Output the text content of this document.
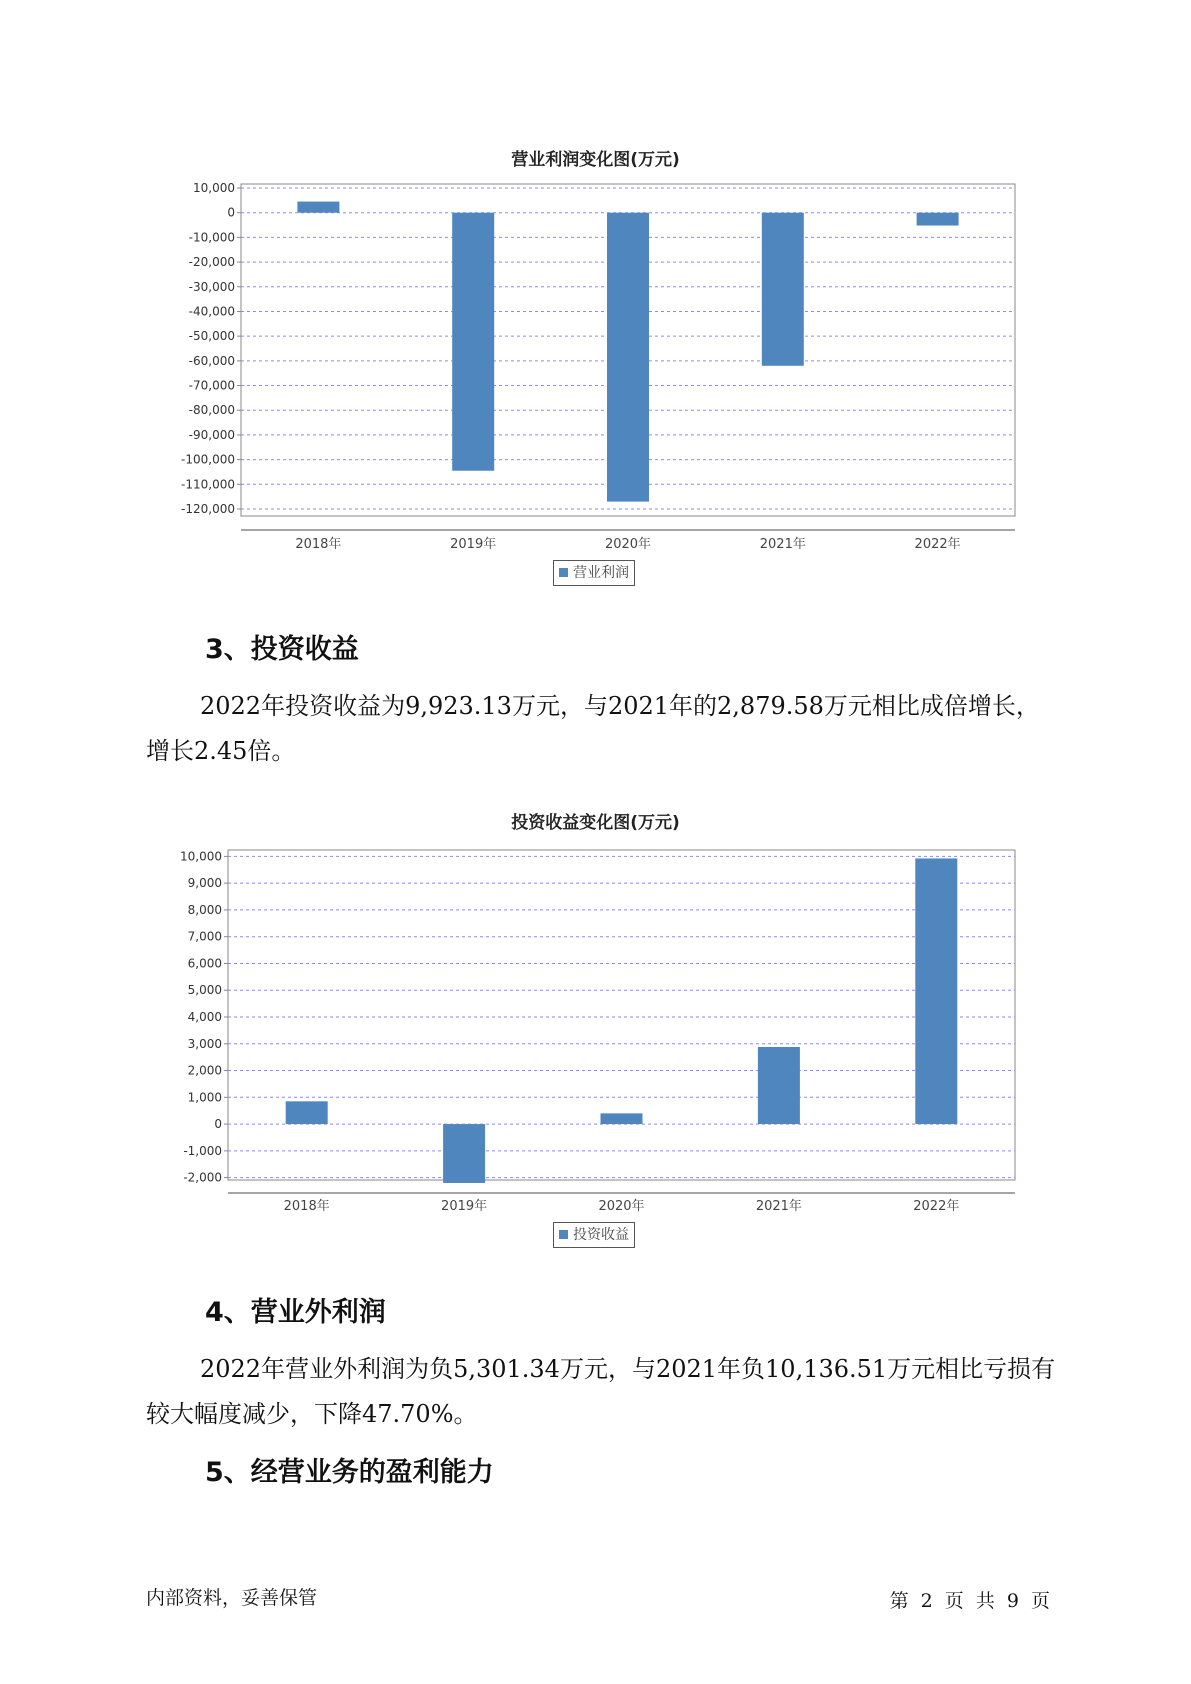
营业利润变化图(万元)
10,000
0
-10,000
-20,000
-30,000
-40,000
-50,000
-60,000
-70,000
-80,000
-90,000
-100,000
-110,000
-120,000
2018年	2019年	2020年	2021年	2022年
营业利润
3、投资收益

2022年投资收益为9,923.13万元，与2021年的2,879.58万元相比成倍增长，增长2.45倍。

投资收益变化图(万元)
10,000
9,000
8,000
7,000
6,000
5,000
4,000
3,000
2,000
1,000
0
-1,000
-2,000
2018年	2019年	2020年	2021年	2022年
投资收益
4、营业外利润

2022年营业外利润为负5,301.34万元，与2021年负10,136.51万元相比亏损有较大幅度减少，下降47.70%。

5、经营业务的盈利能力
内部资料，妥善保管	第 2 页 共 9 页
